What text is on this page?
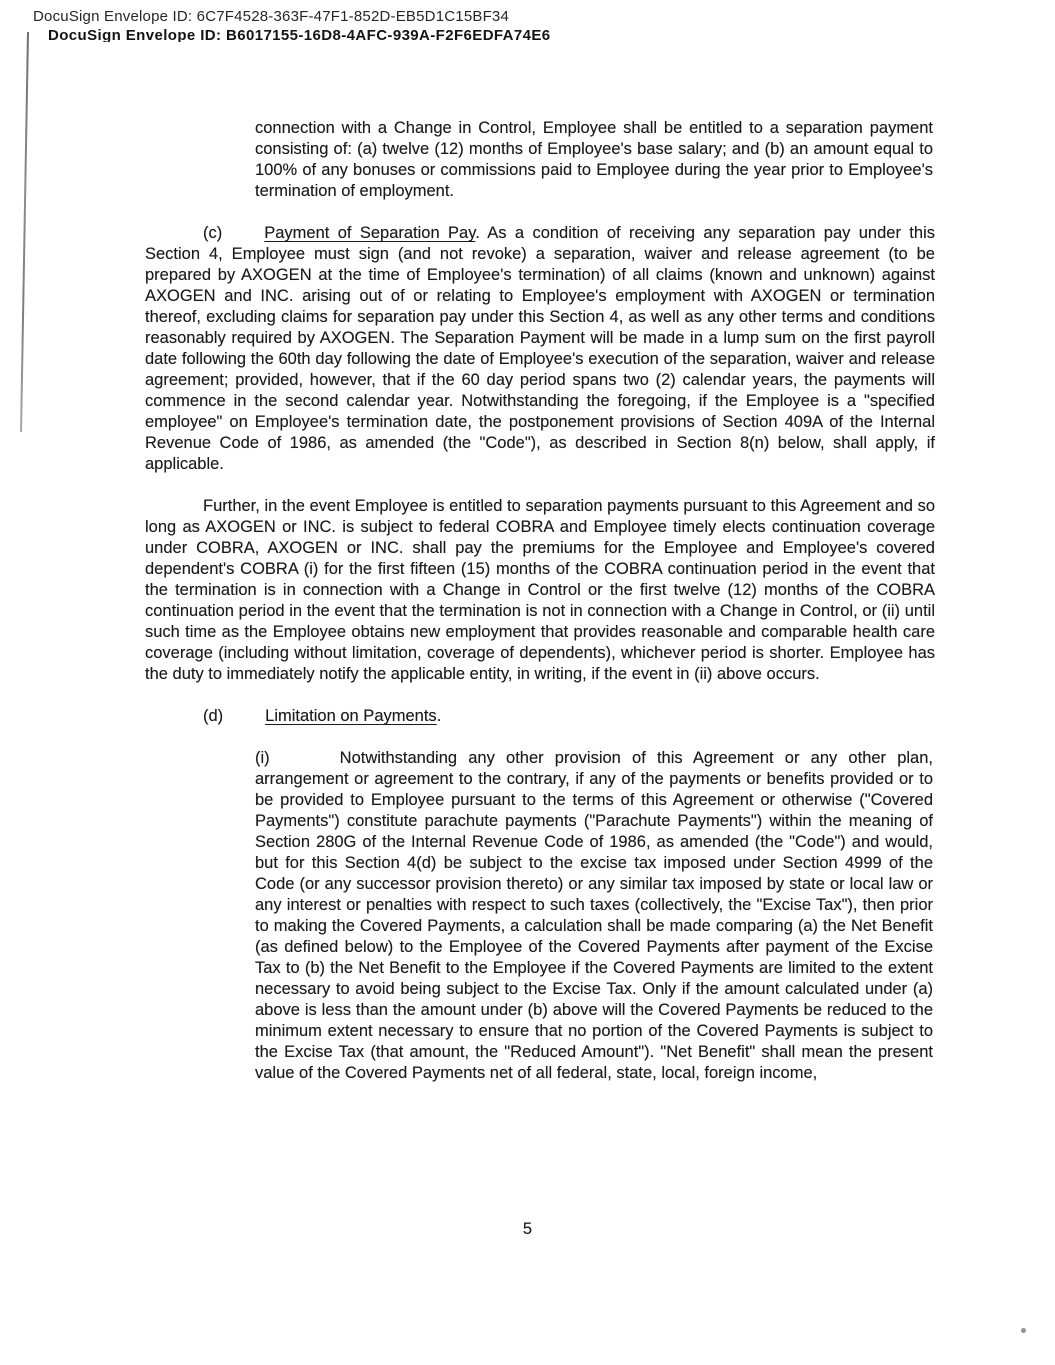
DocuSign Envelope ID: 6C7F4528-363F-47F1-852D-EB5D1C15BF34
DocuSign Envelope ID: B6017155-16D8-4AFC-939A-F2F6EDFA74E6

connection with a Change in Control, Employee shall be entitled to a separation payment consisting of: (a) twelve (12) months of Employee's base salary; and (b) an amount equal to 100% of any bonuses or commissions paid to Employee during the year prior to Employee's termination of employment.

(c)	Payment of Separation Pay. As a condition of receiving any separation pay under this Section 4, Employee must sign (and not revoke) a separation, waiver and release agreement (to be prepared by AXOGEN at the time of Employee's termination) of all claims (known and unknown) against AXOGEN and INC. arising out of or relating to Employee's employment with AXOGEN or termination thereof, excluding claims for separation pay under this Section 4, as well as any other terms and conditions reasonably required by AXOGEN. The Separation Payment will be made in a lump sum on the first payroll date following the 60th day following the date of Employee's execution of the separation, waiver and release agreement; provided, however, that if the 60 day period spans two (2) calendar years, the payments will commence in the second calendar year. Notwithstanding the foregoing, if the Employee is a "specified employee" on Employee's termination date, the postponement provisions of Section 409A of the Internal Revenue Code of 1986, as amended (the "Code"), as described in Section 8(n) below, shall apply, if applicable.

Further, in the event Employee is entitled to separation payments pursuant to this Agreement and so long as AXOGEN or INC. is subject to federal COBRA and Employee timely elects continuation coverage under COBRA, AXOGEN or INC. shall pay the premiums for the Employee and Employee's covered dependent's COBRA (i) for the first fifteen (15) months of the COBRA continuation period in the event that the termination is in connection with a Change in Control or the first twelve (12) months of the COBRA continuation period in the event that the termination is not in connection with a Change in Control, or (ii) until such time as the Employee obtains new employment that provides reasonable and comparable health care coverage (including without limitation, coverage of dependents), whichever period is shorter. Employee has the duty to immediately notify the applicable entity, in writing, if the event in (ii) above occurs.

(d)	Limitation on Payments.

(i)	Notwithstanding any other provision of this Agreement or any other plan, arrangement or agreement to the contrary, if any of the payments or benefits provided or to be provided to Employee pursuant to the terms of this Agreement or otherwise ("Covered Payments") constitute parachute payments ("Parachute Payments") within the meaning of Section 280G of the Internal Revenue Code of 1986, as amended (the "Code") and would, but for this Section 4(d) be subject to the excise tax imposed under Section 4999 of the Code (or any successor provision thereto) or any similar tax imposed by state or local law or any interest or penalties with respect to such taxes (collectively, the "Excise Tax"), then prior to making the Covered Payments, a calculation shall be made comparing (a) the Net Benefit (as defined below) to the Employee of the Covered Payments after payment of the Excise Tax to (b) the Net Benefit to the Employee if the Covered Payments are limited to the extent necessary to avoid being subject to the Excise Tax. Only if the amount calculated under (a) above is less than the amount under (b) above will the Covered Payments be reduced to the minimum extent necessary to ensure that no portion of the Covered Payments is subject to the Excise Tax (that amount, the "Reduced Amount"). "Net Benefit" shall mean the present value of the Covered Payments net of all federal, state, local, foreign income,

5
